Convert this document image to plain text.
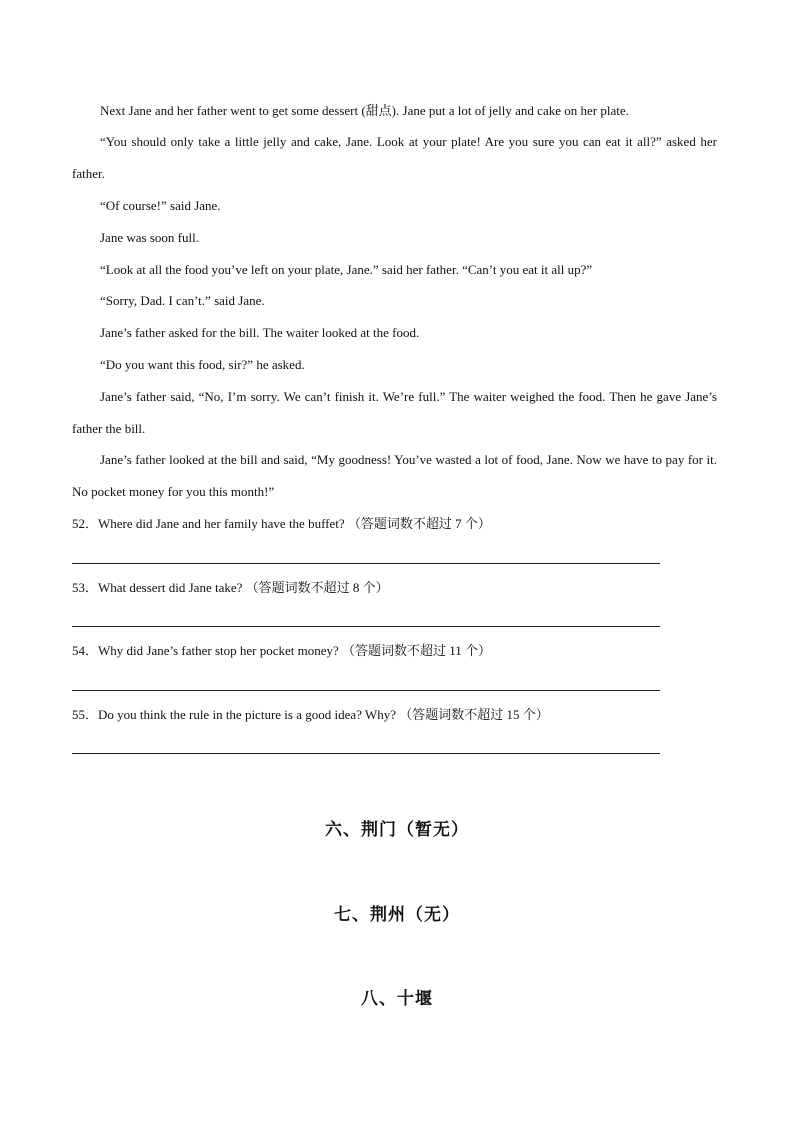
Next Jane and her father went to get some dessert (甜点). Jane put a lot of jelly and cake on her plate.

“You should only take a little jelly and cake, Jane. Look at your plate! Are you sure you can eat it all?” asked her father.

“Of course!” said Jane.

Jane was soon full.

“Look at all the food you’ve left on your plate, Jane.” said her father. “Can’t you eat it all up?”

“Sorry, Dad. I can’t.” said Jane.

Jane’s father asked for the bill. The waiter looked at the food.

“Do you want this food, sir?” he asked.

Jane’s father said, “No, I’m sorry. We can’t finish it. We’re full.” The waiter weighed the food. Then he gave Jane’s father the bill.

Jane’s father looked at the bill and said, “My goodness! You’ve wasted a lot of food, Jane. Now we have to pay for it. No pocket money for you this month!”

52．Where did Jane and her family have the buffet? （答题词数不超过 7 个）

53．What dessert did Jane take? （答题词数不超过 8 个）

54．Why did Jane’s father stop her pocket money? （答题词数不超过 11 个）

55．Do you think the rule in the picture is a good idea? Why? （答题词数不超过 15 个）

六、荆门（暂无）
七、荆州（无）
八、十堰
